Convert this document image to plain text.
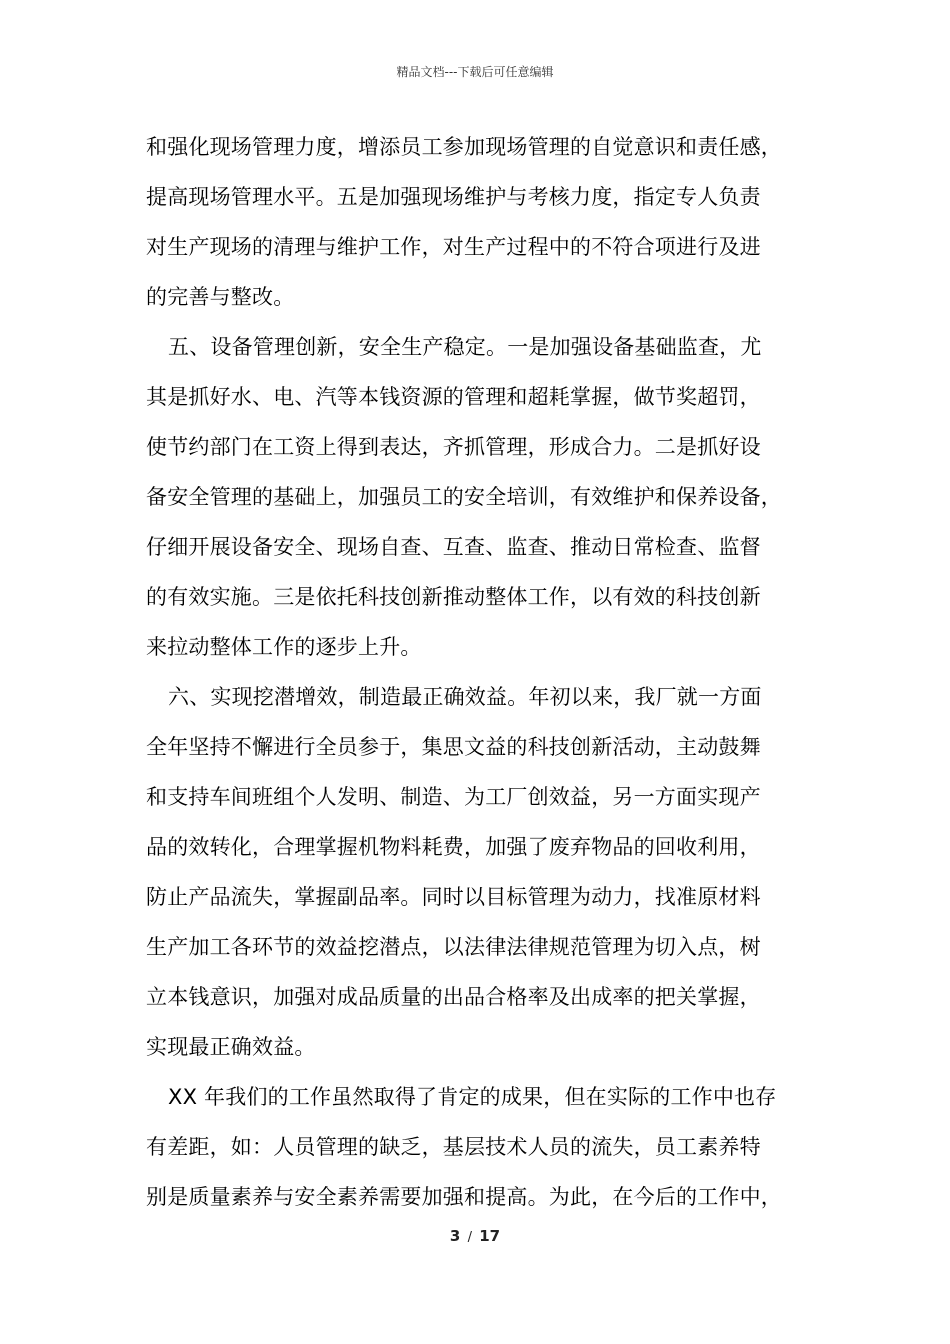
精品文档---下载后可任意编辑
和强化现场管理力度，增添员工参加现场管理的自觉意识和责任感，
提高现场管理水平。五是加强现场维护与考核力度，指定专人负责
对生产现场的清理与维护工作，对生产过程中的不符合项进行及进
的完善与整改。
五、设备管理创新，安全生产稳定。一是加强设备基础监查，尤
其是抓好水、电、汽等本钱资源的管理和超耗掌握，做节奖超罚，
使节约部门在工资上得到表达，齐抓管理，形成合力。二是抓好设
备安全管理的基础上，加强员工的安全培训，有效维护和保养设备，
仔细开展设备安全、现场自查、互查、监查、推动日常检查、监督
的有效实施。三是依托科技创新推动整体工作，以有效的科技创新
来拉动整体工作的逐步上升。
六、实现挖潜增效，制造最正确效益。年初以来，我厂就一方面
全年坚持不懈进行全员参于，集思文益的科技创新活动，主动鼓舞
和支持车间班组个人发明、制造、为工厂创效益，另一方面实现产
品的效转化，合理掌握机物料耗费，加强了废弃物品的回收利用，
防止产品流失，掌握副品率。同时以目标管理为动力，找准原材料
生产加工各环节的效益挖潜点，以法律法律规范管理为切入点，树
立本钱意识，加强对成品质量的出品合格率及出成率的把关掌握，
实现最正确效益。
XX 年我们的工作虽然取得了肯定的成果，但在实际的工作中也存
有差距，如：人员管理的缺乏，基层技术人员的流失，员工素养特
别是质量素养与安全素养需要加强和提高。为此，在今后的工作中，
3 / 17
